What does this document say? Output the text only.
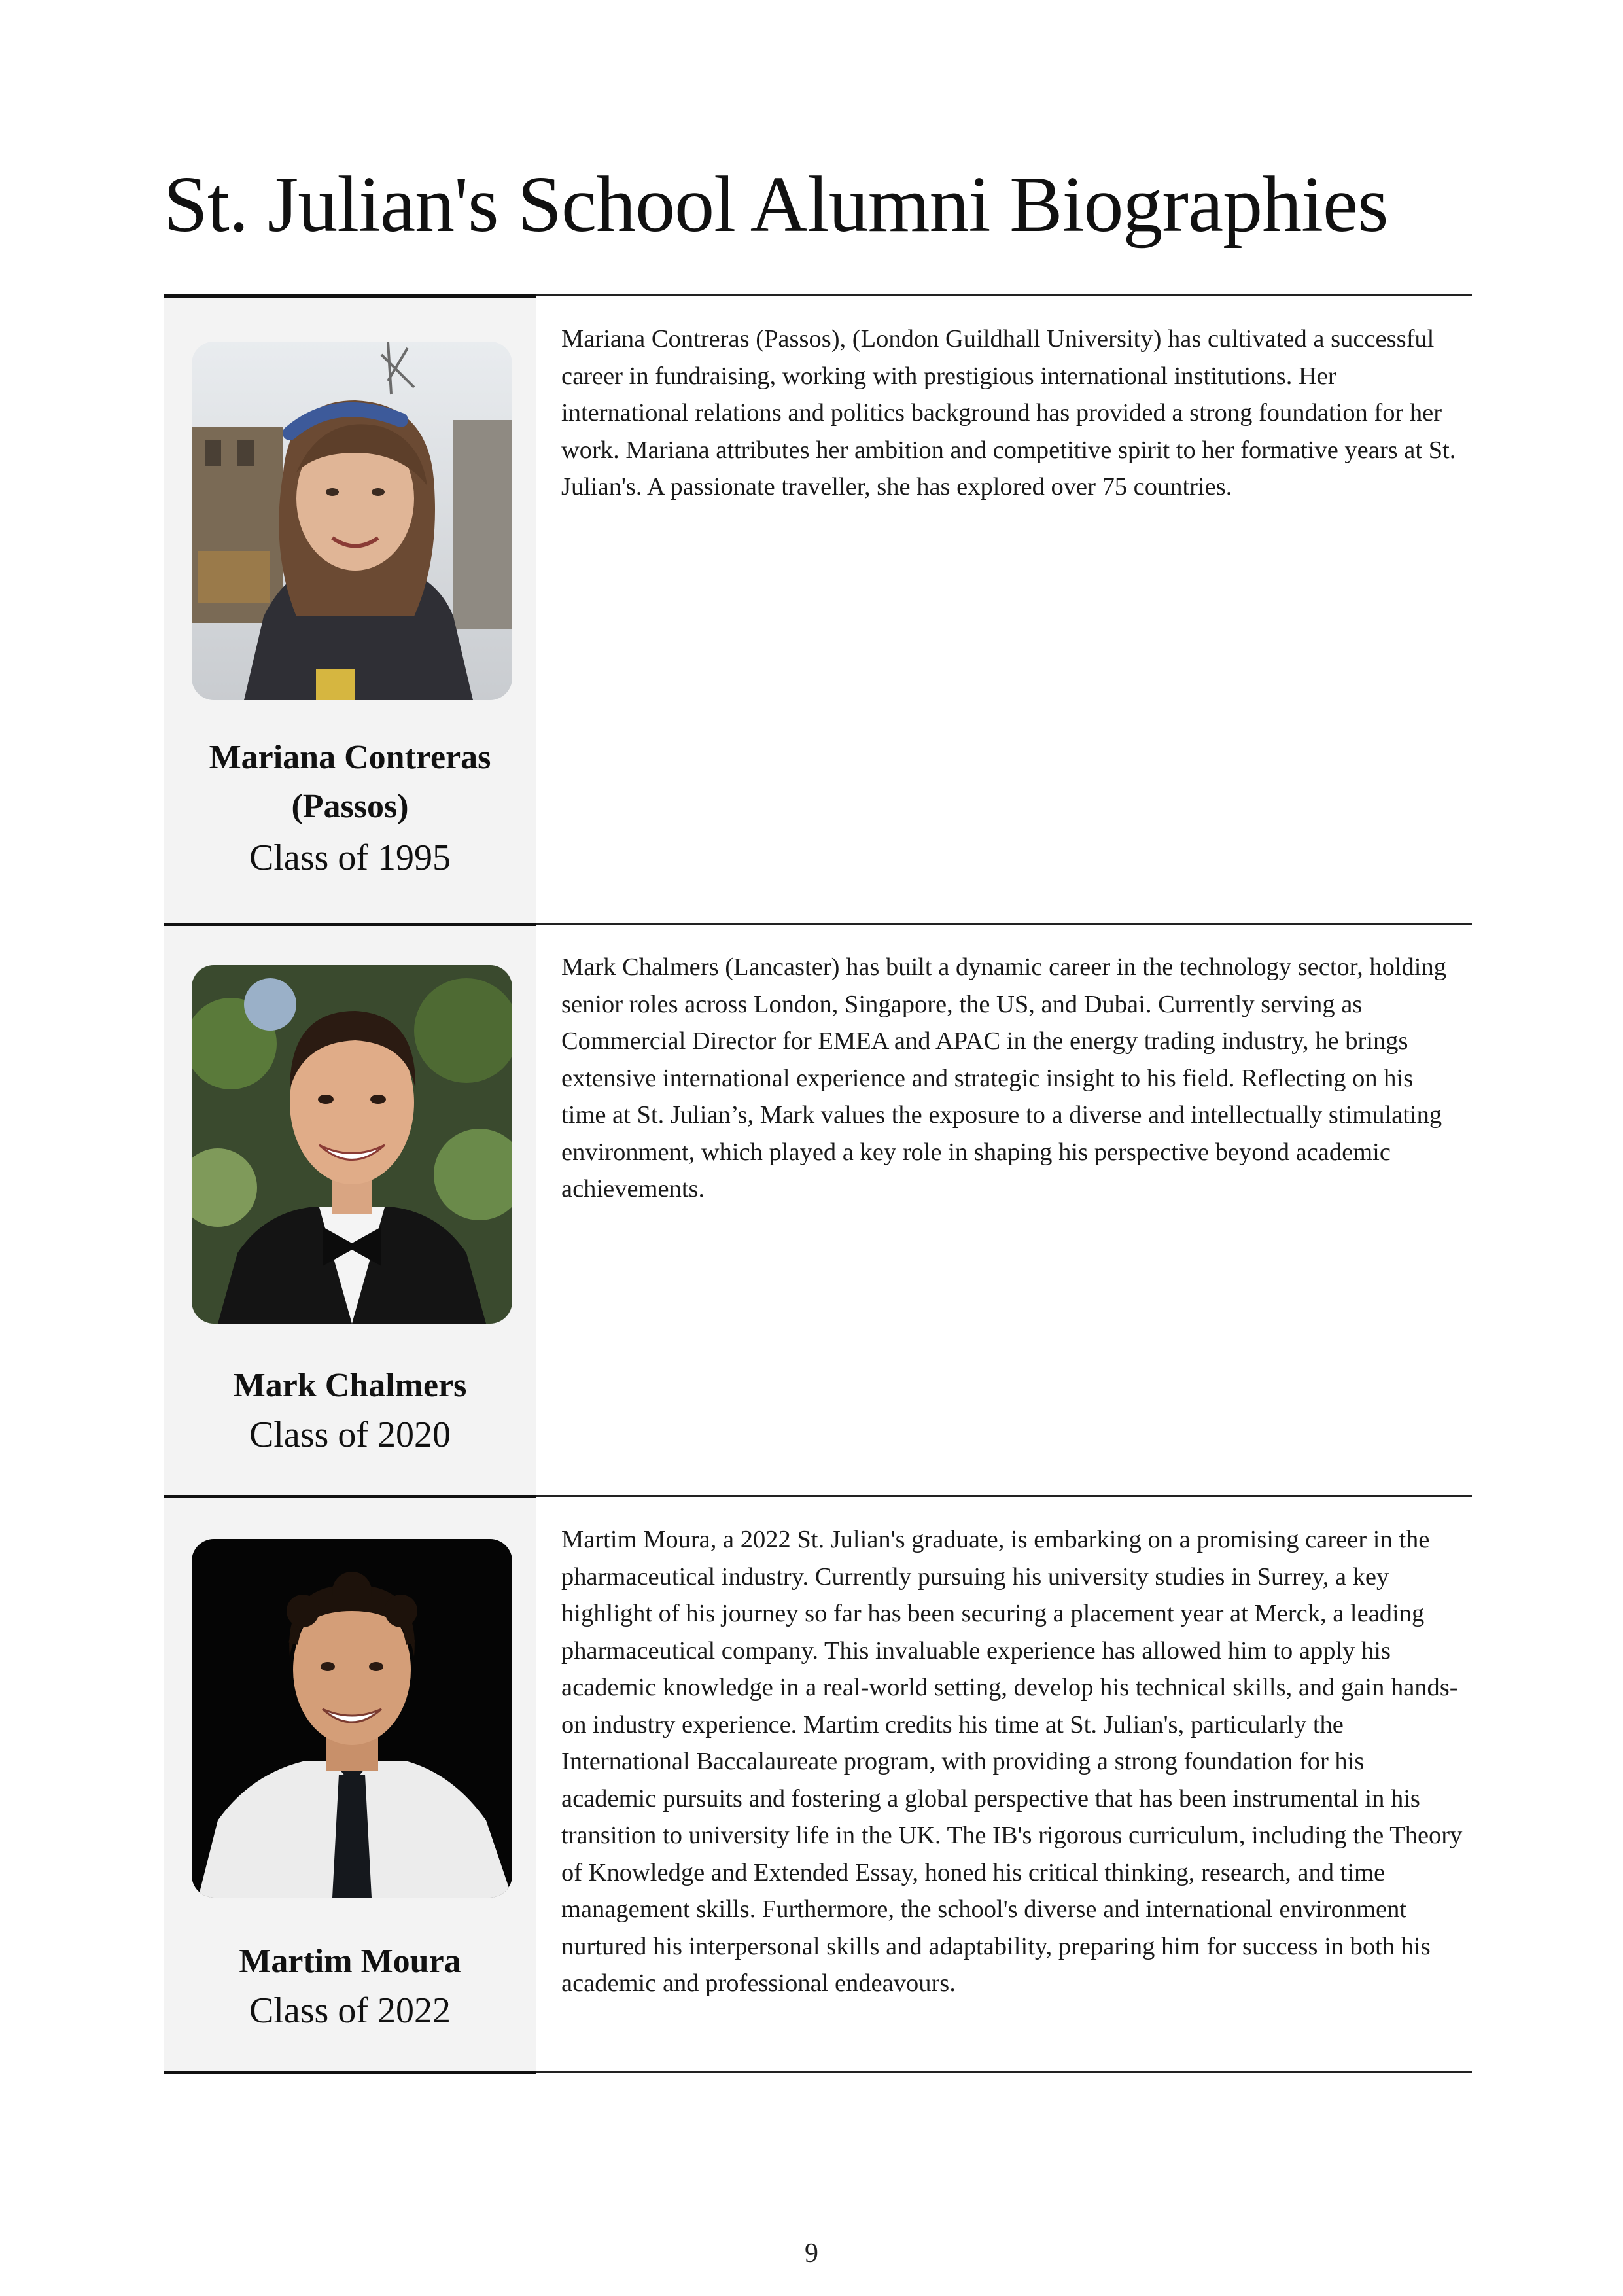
St. Julian's School Alumni Biographies
Mariana Contreras
(Passos)
Class of 1995

Mariana Contreras (Passos), (London Guildhall University) has cultivated a successful career in fundraising, working with prestigious international institutions. Her international relations and politics background has provided a strong foundation for her work. Mariana attributes her ambition and competitive spirit to her formative years at St. Julian's. A passionate traveller, she has explored over 75 countries.

Mark Chalmers
Class of 2020

Mark Chalmers (Lancaster) has built a dynamic career in the technology sector, holding senior roles across London, Singapore, the US, and Dubai. Currently serving as Commercial Director for EMEA and APAC in the energy trading industry, he brings extensive international experience and strategic insight to his field. Reflecting on his time at St. Julian’s, Mark values the exposure to a diverse and intellectually stimulating environment, which played a key role in shaping his perspective beyond academic achievements.

Martim Moura
Class of 2022

Martim Moura, a 2022 St. Julian's graduate, is embarking on a promising career in the pharmaceutical industry. Currently pursuing his university studies in Surrey, a key highlight of his journey so far has been securing a placement year at Merck, a leading pharmaceutical company. This invaluable experience has allowed him to apply his academic knowledge in a real-world setting, develop his technical skills, and gain hands-on industry experience. Martim credits his time at St. Julian's, particularly the International Baccalaureate program, with providing a strong foundation for his academic pursuits and fostering a global perspective that has been instrumental in his transition to university life in the UK. The IB's rigorous curriculum, including the Theory of Knowledge and Extended Essay, honed his critical thinking, research, and time management skills. Furthermore, the school's diverse and international environment nurtured his interpersonal skills and adaptability, preparing him for success in both his academic and professional endeavours.

9
